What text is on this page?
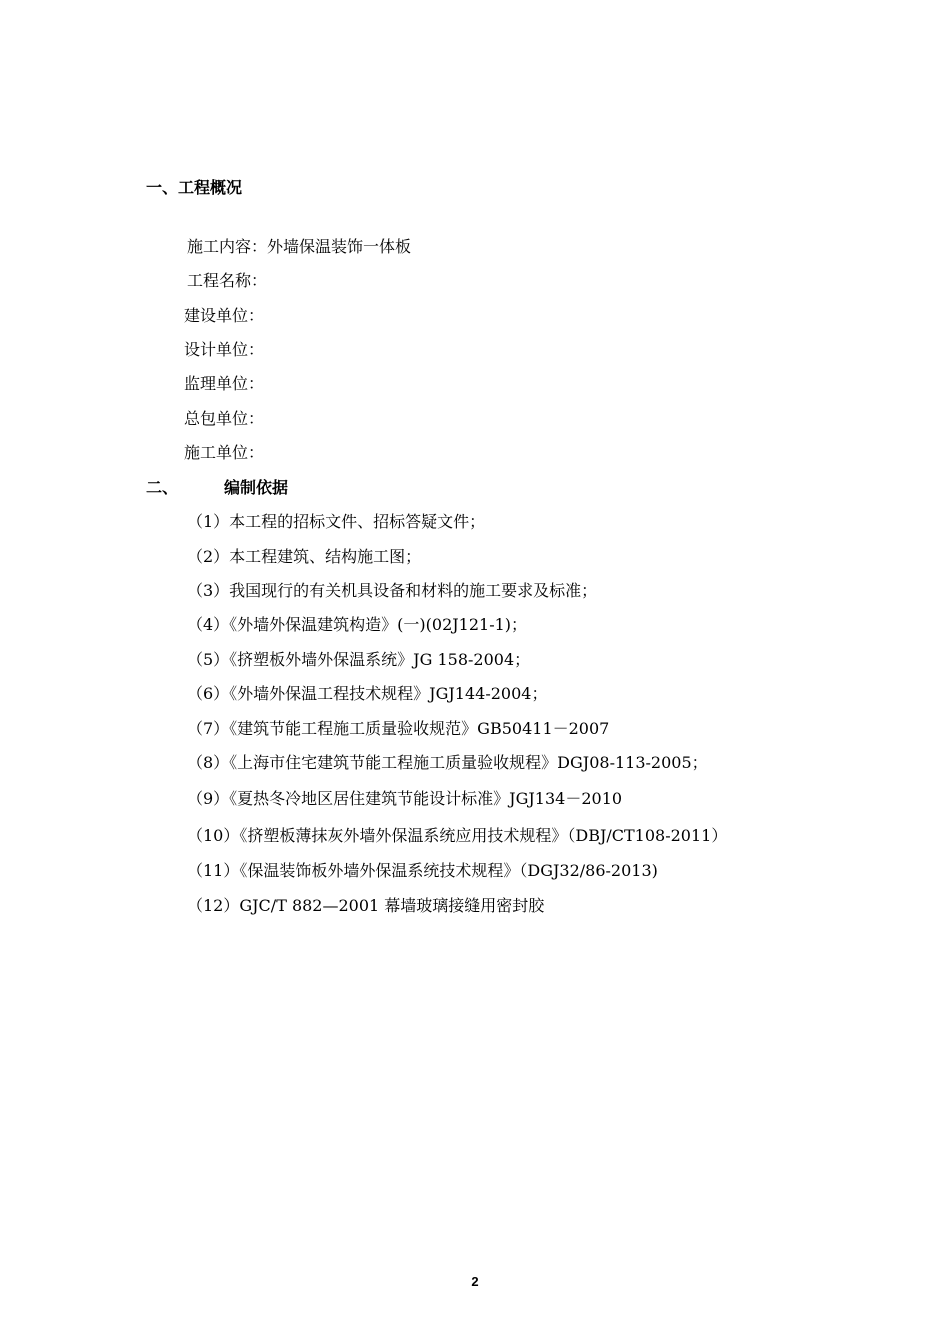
一、工程概况
施工内容：外墙保温装饰一体板
工程名称：
建设单位：
设计单位：
监理单位：
总包单位：
施工单位：
二、	编制依据
（1）本工程的招标文件、招标答疑文件；
（2）本工程建筑、结构施工图；
（3）我国现行的有关机具设备和材料的施工要求及标准；
（4）《外墙外保温建筑构造》(一)(02J121-1)；
（5）《挤塑板外墙外保温系统》JG 158-2004；
（6）《外墙外保温工程技术规程》JGJ144-2004；
（7）《建筑节能工程施工质量验收规范》GB50411－2007
（8）《上海市住宅建筑节能工程施工质量验收规程》DGJ08-113-2005；
（9）《夏热冬冷地区居住建筑节能设计标准》JGJ134－2010
（10）《挤塑板薄抹灰外墙外保温系统应用技术规程》（DBJ/CT108-2011）
（11）《保温装饰板外墙外保温系统技术规程》（DGJ32/86-2013)
（12）GJC/T 882—2001 幕墙玻璃接缝用密封胶
2
